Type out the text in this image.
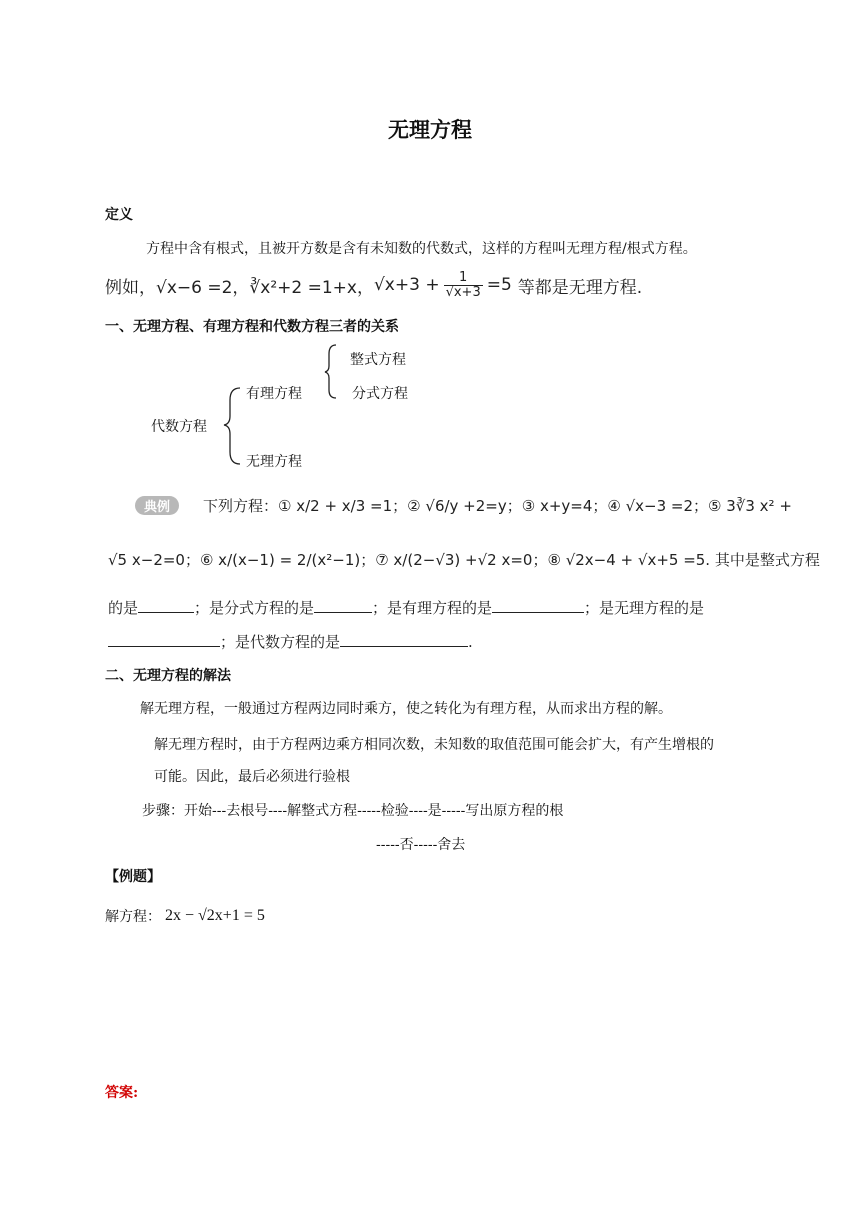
无理方程
定义
方程中含有根式，且被开方数是含有未知数的代数式，这样的方程叫无理方程/根式方程。
例如， √x−6 =2， ∛x²+2 =1+x， $√x+3 + \frac{1}{√x+3} =5$ 等都是无理方程.
一、无理方程、有理方程和代数方程三者的关系
代数方程
有理方程
无理方程
整式方程
分式方程
典例	下列方程：① x/2 + x/3 =1；② √6/y +2=y；③ x+y=4；④ √x−3 =2；⑤ 3∛3 x² +
√5 x−2=0；⑥ x/(x−1) = 2/(x²−1)；⑦ x/(2−√3) +√2 x=0；⑧ √2x−4 + √x+5 =5. 其中是整式方程
的是	；是分式方程的是	；是有理方程的是	；是无理方程的是
；是代数方程的是	.
二、无理方程的解法
解无理方程，一般通过方程两边同时乘方，使之转化为有理方程，从而求出方程的解。
解无理方程时，由于方程两边乘方相同次数，未知数的取值范围可能会扩大，有产生增根的
可能。因此，最后必须进行验根
步骤：开始---去根号----解整式方程-----检验----是-----写出原方程的根
-----否-----舍去
【例题】
解方程： 2x − √2x+1 = 5
答案:
